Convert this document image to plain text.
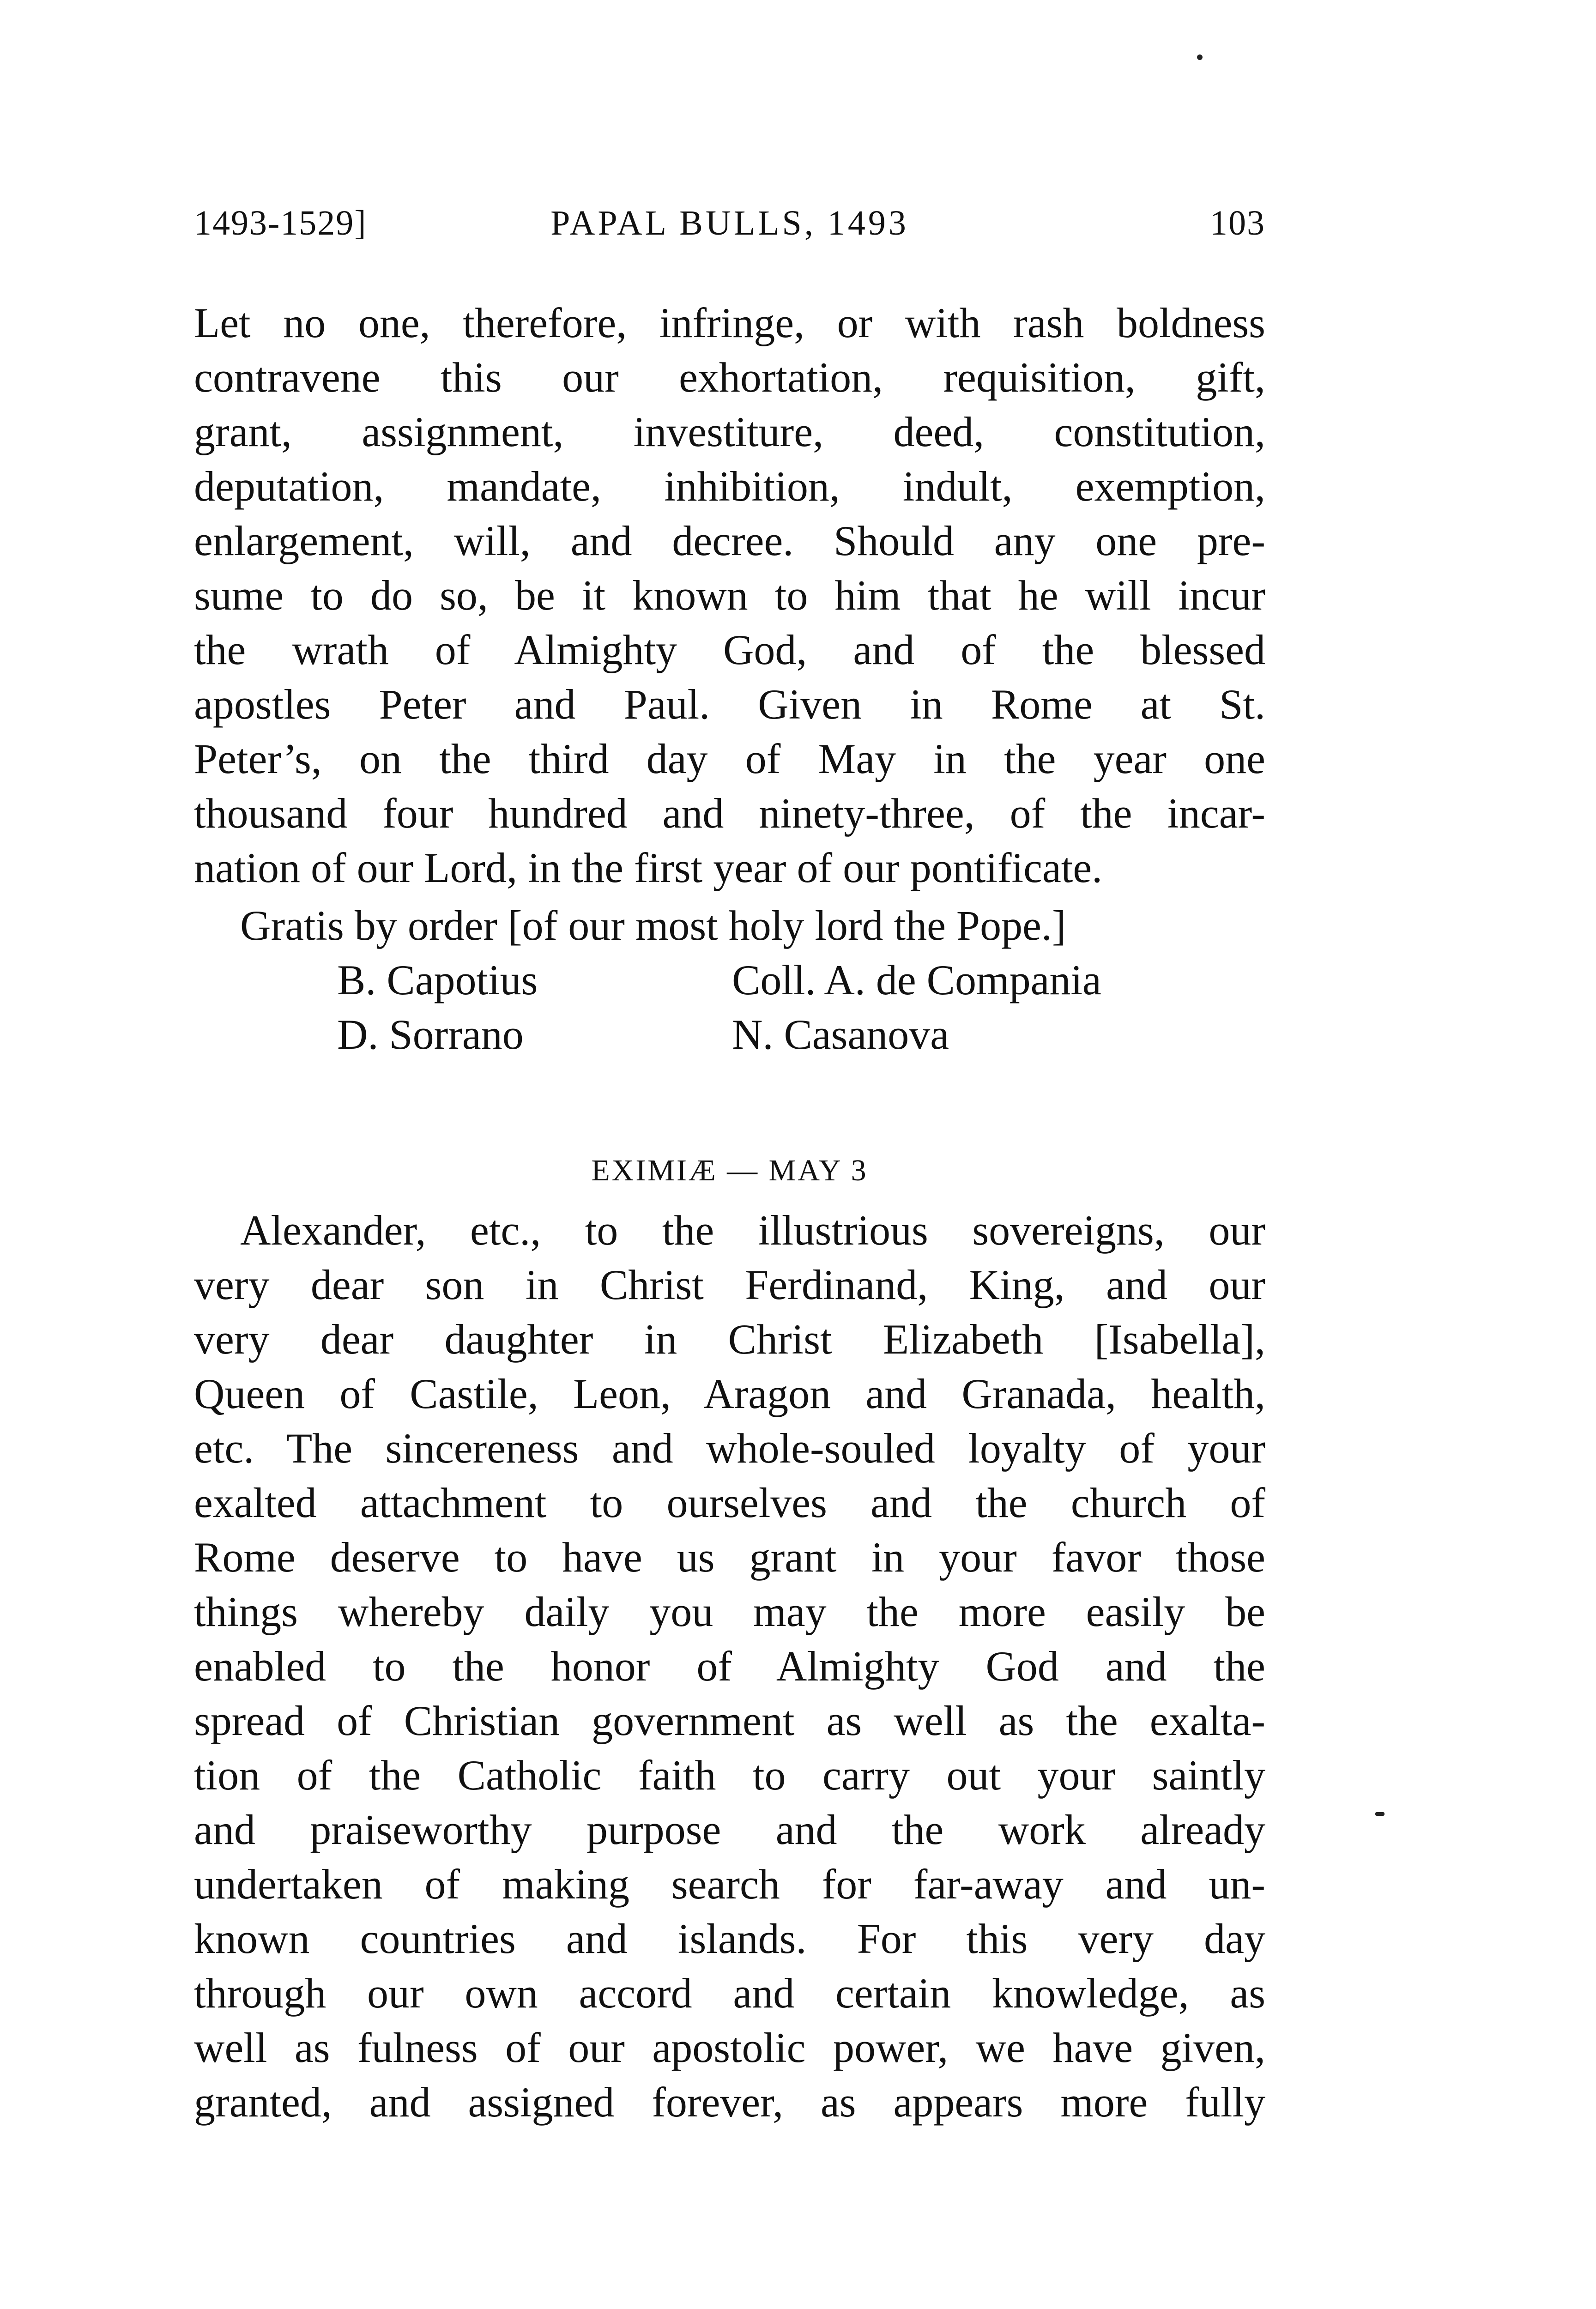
1493-1529]	PAPAL BULLS, 1493	103
Let no one, therefore, infringe, or with rash boldness
contravene this our exhortation, requisition, gift,
grant, assignment, investiture, deed, constitution,
deputation, mandate, inhibition, indult, exemption,
enlargement, will, and decree. Should any one pre-
sume to do so, be it known to him that he will incur
the wrath of Almighty God, and of the blessed
apostles Peter and Paul. Given in Rome at St.
Peter’s, on the third day of May in the year one
thousand four hundred and ninety-three, of the incar-
nation of our Lord, in the first year of our pontificate.
Gratis by order [of our most holy lord the Pope.]
B. Capotius	Coll. A. de Compania
D. Sorrano	N. Casanova
EXIMIÆ — MAY 3
Alexander, etc., to the illustrious sovereigns, our
very dear son in Christ Ferdinand, King, and our
very dear daughter in Christ Elizabeth [Isabella],
Queen of Castile, Leon, Aragon and Granada, health,
etc. The sincereness and whole-souled loyalty of your
exalted attachment to ourselves and the church of
Rome deserve to have us grant in your favor those
things whereby daily you may the more easily be
enabled to the honor of Almighty God and the
spread of Christian government as well as the exalta-
tion of the Catholic faith to carry out your saintly
and praiseworthy purpose and the work already
undertaken of making search for far-away and un-
known countries and islands. For this very day
through our own accord and certain knowledge, as
well as fulness of our apostolic power, we have given,
granted, and assigned forever, as appears more fully
